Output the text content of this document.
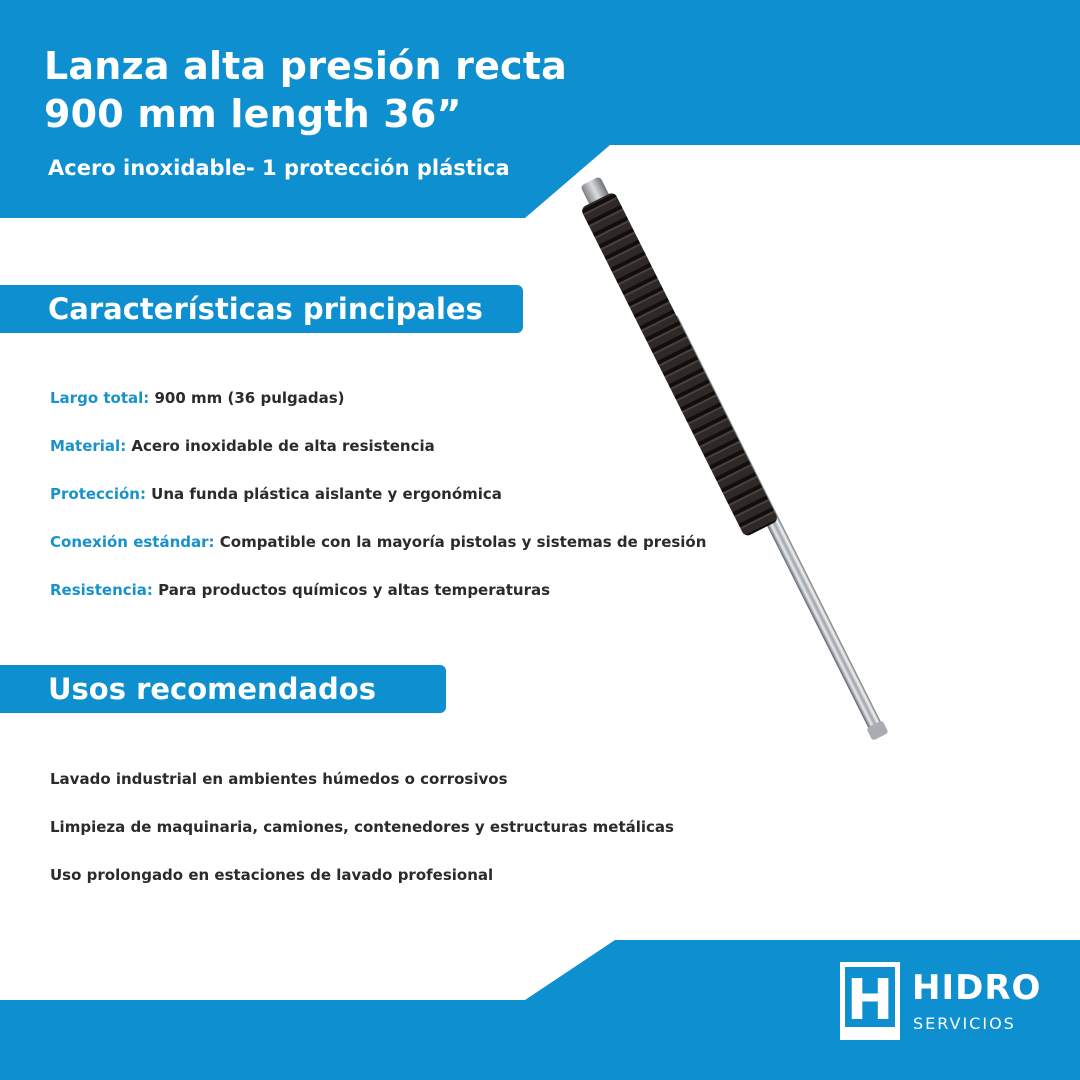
Lanza alta presión recta
900 mm length 36”

Acero inoxidable- 1 protección plástica

Características principales
Largo total: 900 mm (36 pulgadas)
Material: Acero inoxidable de alta resistencia
Protección: Una funda plástica aislante y ergonómica
Conexión estándar: Compatible con la mayoría pistolas y sistemas de presión
Resistencia: Para productos químicos y altas temperaturas
Usos recomendados
Lavado industrial en ambientes húmedos o corrosivos
Limpieza de maquinaria, camiones, contenedores y estructuras metálicas
Uso prolongado en estaciones de lavado profesional
H HIDRO
SERVICIOS
